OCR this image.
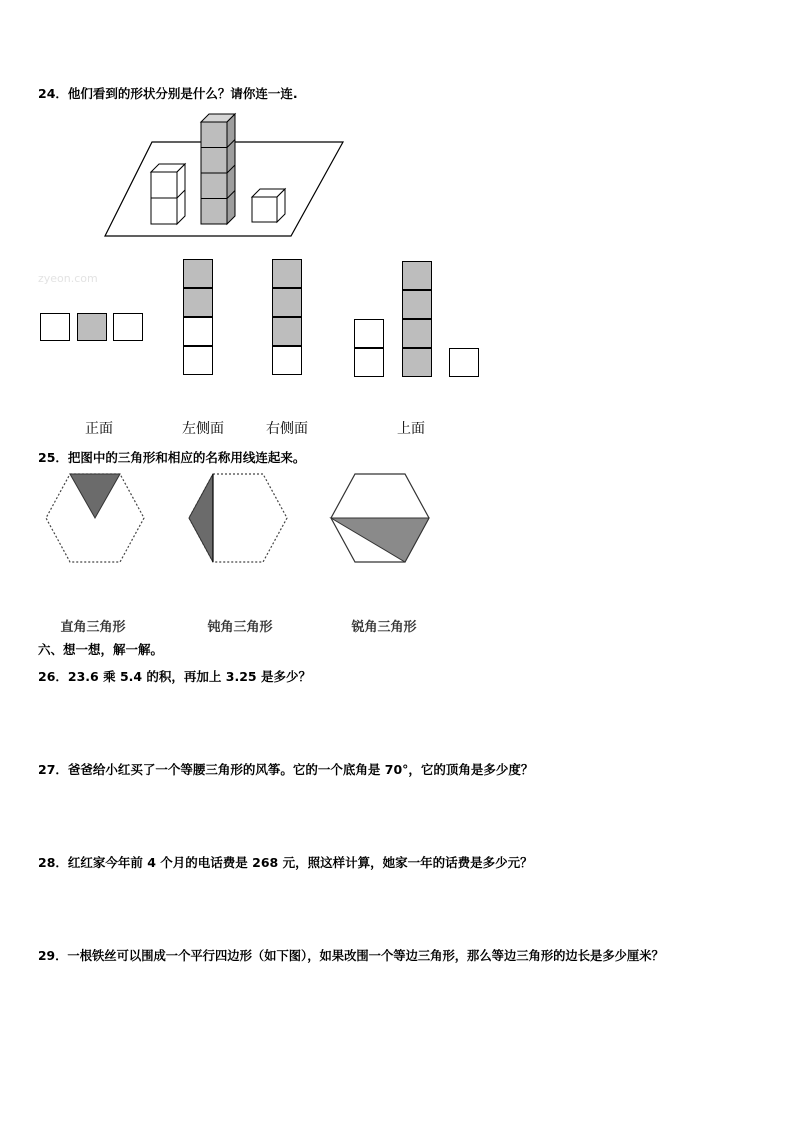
24．他们看到的形状分别是什么？请你连一连.
zyeon.com
正面	左侧面	右侧面	上面
25．把图中的三角形和相应的名称用线连起来。
直角三角形	钝角三角形	锐角三角形
六、想一想，解一解。
26．23.6 乘 5.4 的积，再加上 3.25 是多少？
27．爸爸给小红买了一个等腰三角形的风筝。它的一个底角是 70°，它的顶角是多少度？
28．红红家今年前 4 个月的电话费是 268 元，照这样计算，她家一年的话费是多少元？
29．一根铁丝可以围成一个平行四边形（如下图），如果改围一个等边三角形，那么等边三角形的边长是多少厘米？
